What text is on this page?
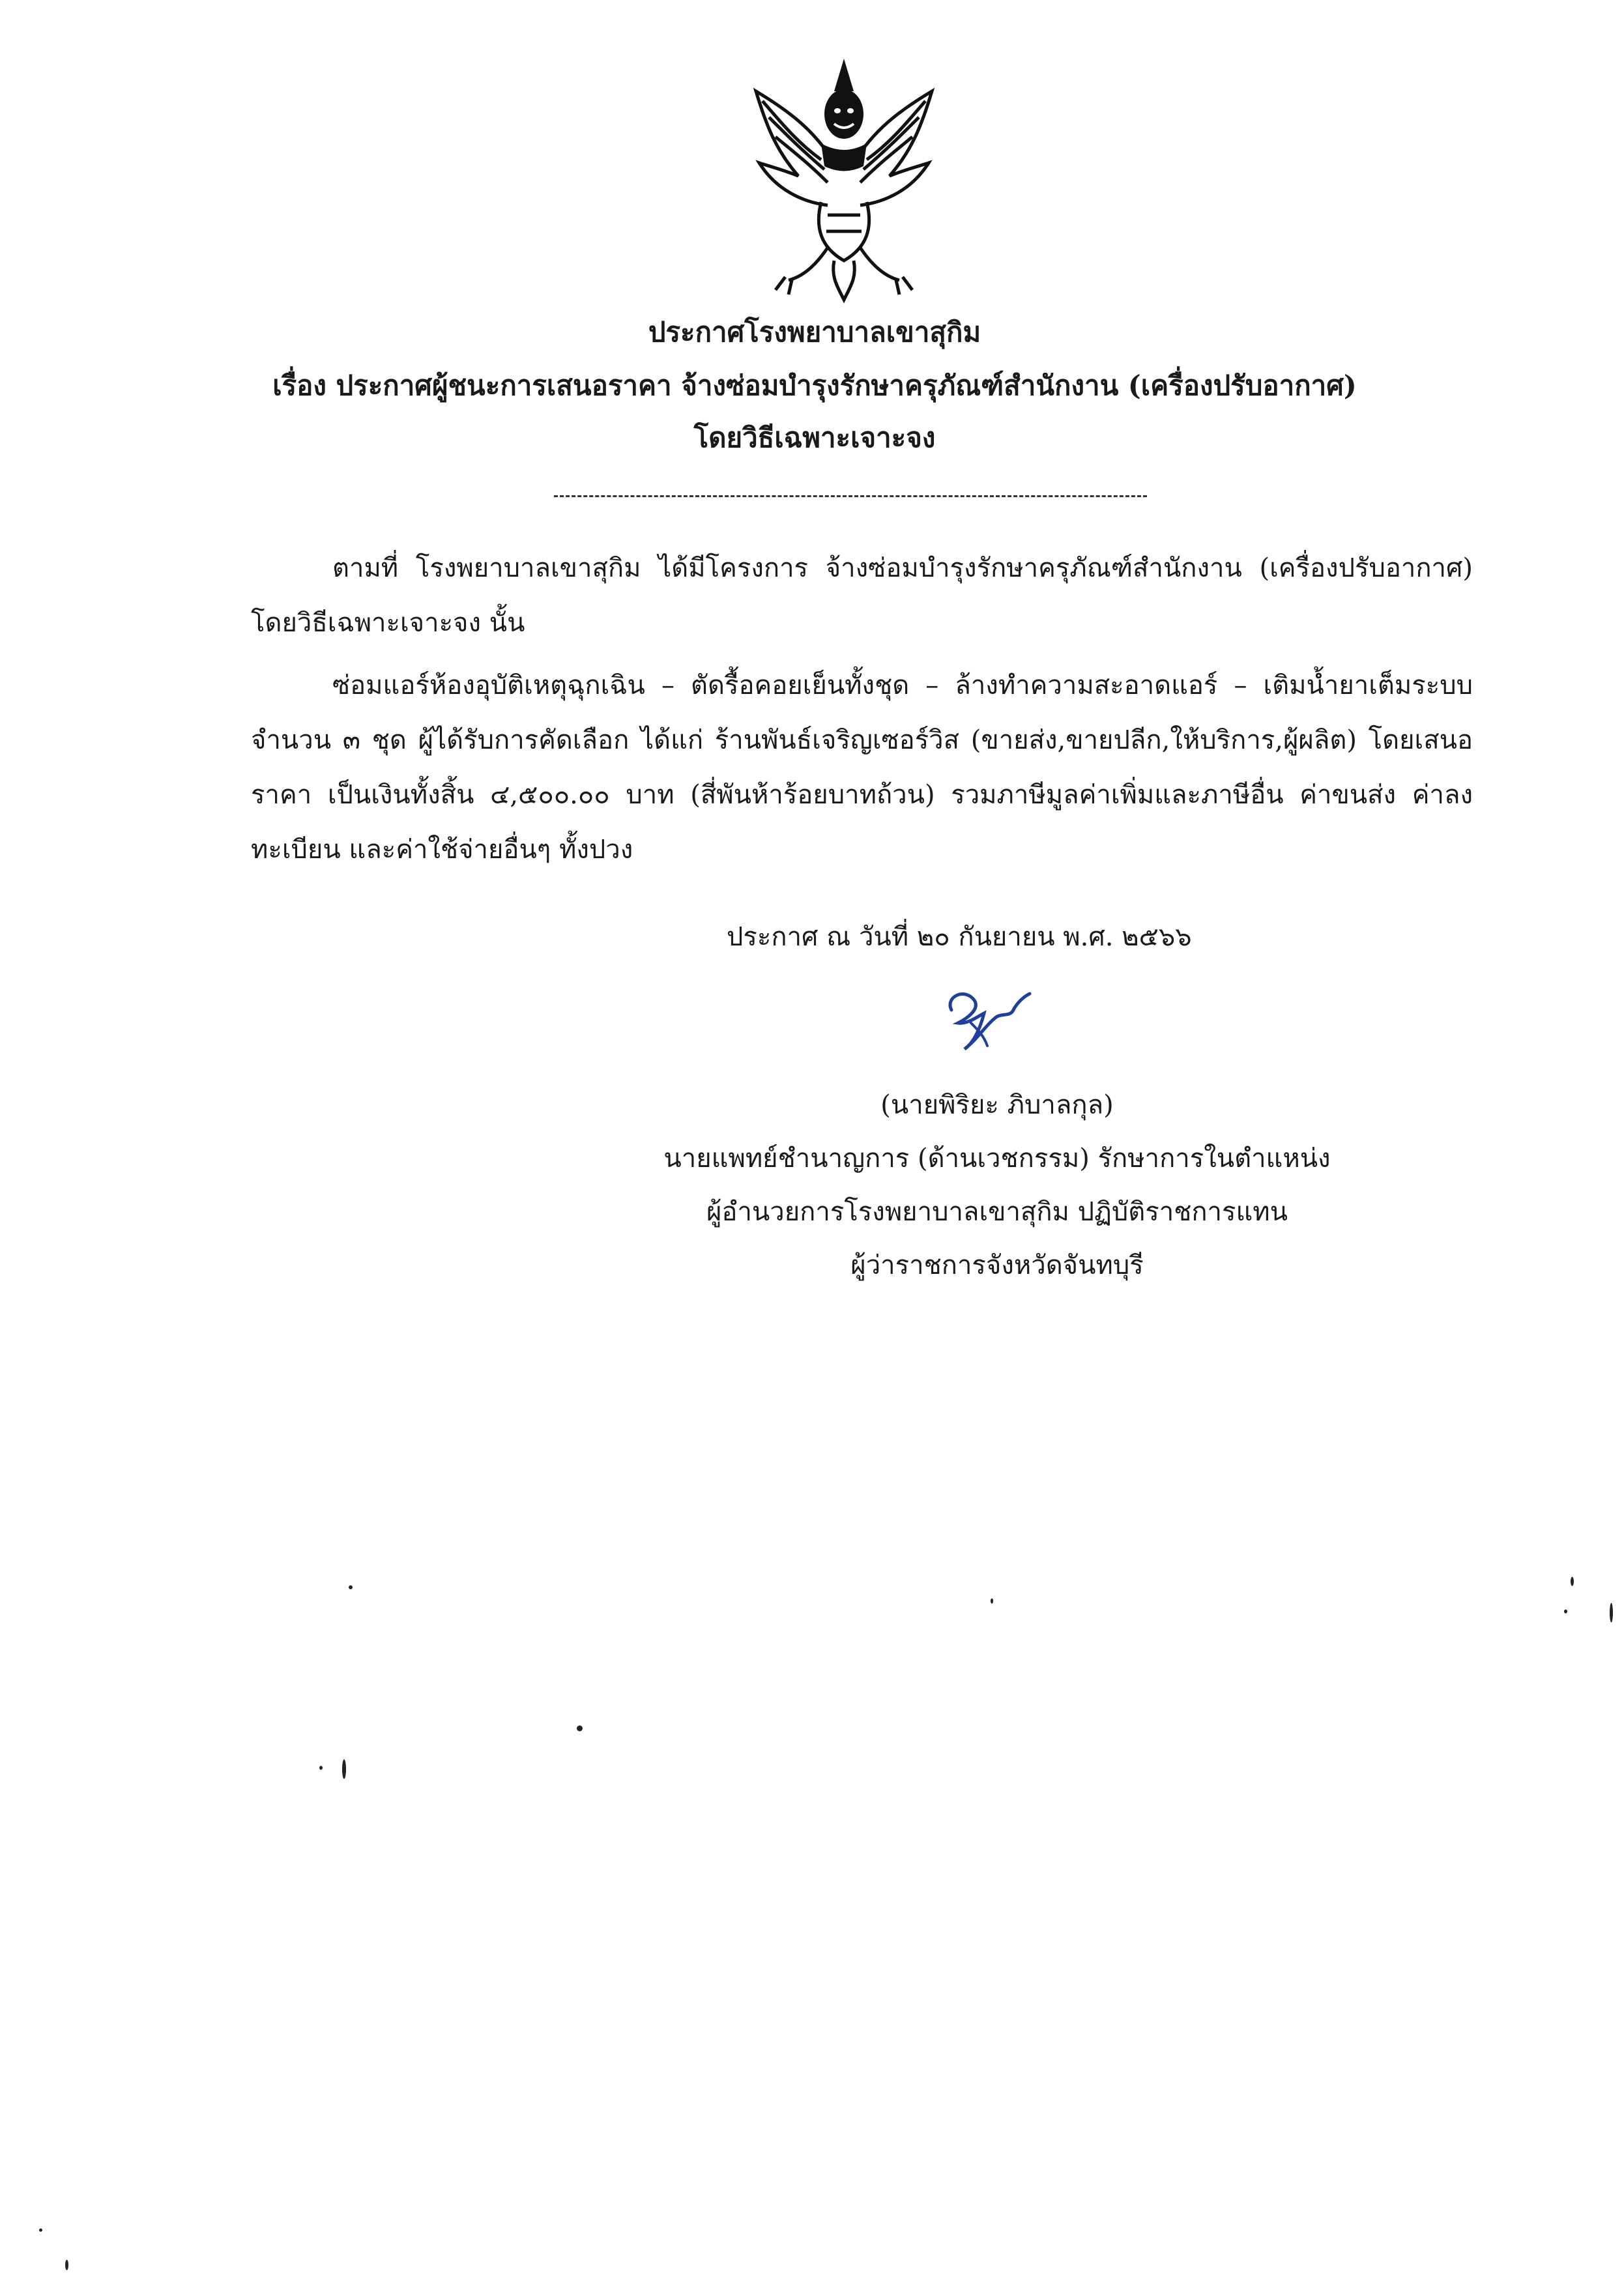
ประกาศโรงพยาบาลเขาสุกิม
เรื่อง ประกาศผู้ชนะการเสนอราคา จ้างซ่อมบำรุงรักษาครุภัณฑ์สำนักงาน (เครื่องปรับอากาศ)
โดยวิธีเฉพาะเจาะจง
ตามที่ โรงพยาบาลเขาสุกิม ได้มีโครงการ จ้างซ่อมบำรุงรักษาครุภัณฑ์สำนักงาน (เครื่องปรับอากาศ) โดยวิธีเฉพาะเจาะจง นั้น
ซ่อมแอร์ห้องอุบัติเหตุฉุกเฉิน – ตัดรื้อคอยเย็นทั้งชุด – ล้างทำความสะอาดแอร์ – เติมน้ำยาเต็มระบบ จำนวน ๓ ชุด ผู้ได้รับการคัดเลือก ได้แก่ ร้านพันธ์เจริญเซอร์วิส (ขายส่ง,ขายปลีก,ให้บริการ,ผู้ผลิต) โดยเสนอราคา เป็นเงินทั้งสิ้น ๔,๕๐๐.๐๐ บาท (สี่พันห้าร้อยบาทถ้วน) รวมภาษีมูลค่าเพิ่มและภาษีอื่น ค่าขนส่ง ค่าลงทะเบียน และค่าใช้จ่ายอื่นๆ ทั้งปวง
ประกาศ ณ วันที่ ๒๐ กันยายน พ.ศ. ๒๕๖๖
(นายพิริยะ ภิบาลกุล)
นายแพทย์ชำนาญการ (ด้านเวชกรรม) รักษาการในตำแหน่ง
ผู้อำนวยการโรงพยาบาลเขาสุกิม ปฏิบัติราชการแทน
ผู้ว่าราชการจังหวัดจันทบุรี
